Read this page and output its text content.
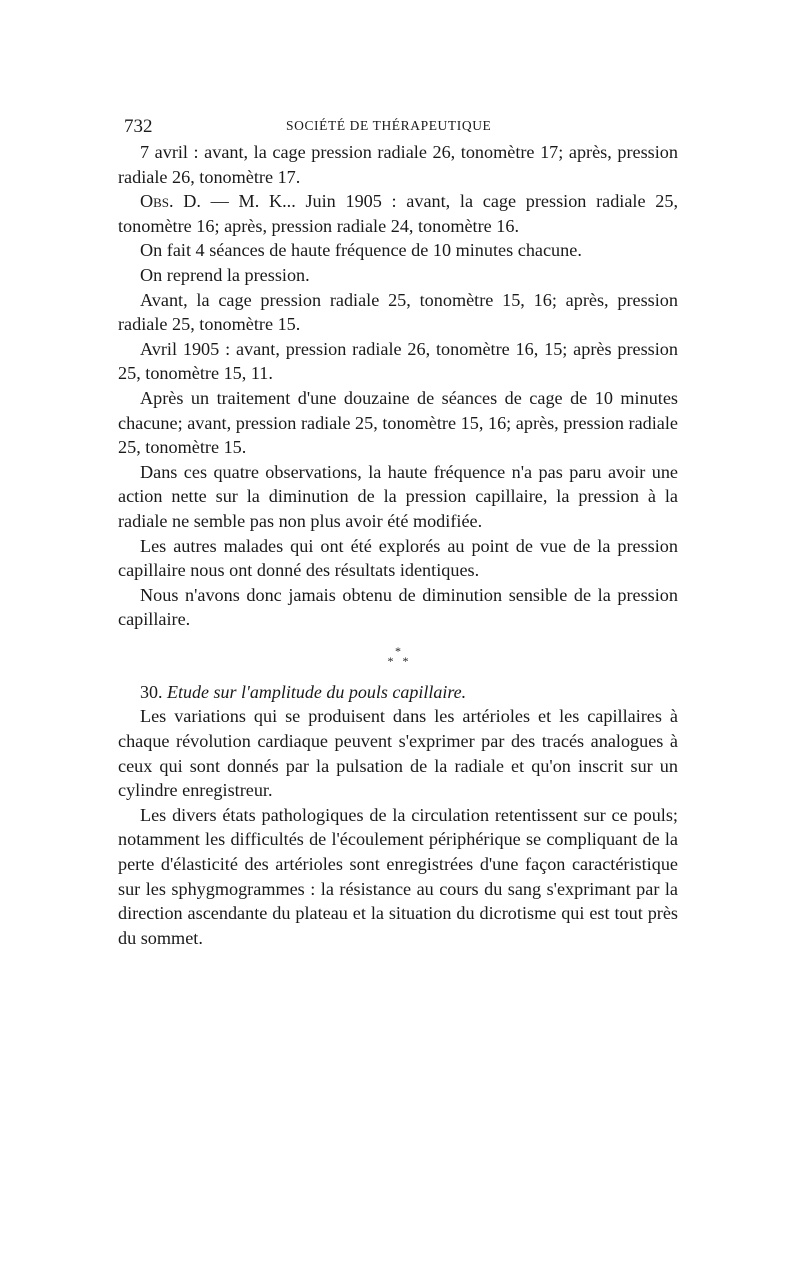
732	SOCIÉTÉ DE THÉRAPEUTIQUE

7 avril : avant, la cage pression radiale 26, tonomètre 17; après, pression radiale 26, tonomètre 17.

Obs. D. — M. K... Juin 1905 : avant, la cage pression radiale 25, tonomètre 16; après, pression radiale 24, tonomètre 16.

On fait 4 séances de haute fréquence de 10 minutes chacune.

On reprend la pression.

Avant, la cage pression radiale 25, tonomètre 15, 16; après, pression radiale 25, tonomètre 15.

Avril 1905 : avant, pression radiale 26, tonomètre 16, 15; après pression 25, tonomètre 15, 11.

Après un traitement d'une douzaine de séances de cage de 10 minutes chacune; avant, pression radiale 25, tonomètre 15, 16; après, pression radiale 25, tonomètre 15.

Dans ces quatre observations, la haute fréquence n'a pas paru avoir une action nette sur la diminution de la pression capillaire, la pression à la radiale ne semble pas non plus avoir été modifiée.

Les autres malades qui ont été explorés au point de vue de la pression capillaire nous ont donné des résultats identiques.

Nous n'avons donc jamais obtenu de diminution sensible de la pression capillaire.

*
* *

30. Etude sur l'amplitude du pouls capillaire.

Les variations qui se produisent dans les artérioles et les capillaires à chaque révolution cardiaque peuvent s'exprimer par des tracés analogues à ceux qui sont donnés par la pulsation de la radiale et qu'on inscrit sur un cylindre enregistreur.

Les divers états pathologiques de la circulation retentissent sur ce pouls; notamment les difficultés de l'écoulement périphérique se compliquant de la perte d'élasticité des artérioles sont enregistrées d'une façon caractéristique sur les sphygmogrammes : la résistance au cours du sang s'exprimant par la direction ascendante du plateau et la situation du dicrotisme qui est tout près du sommet.
